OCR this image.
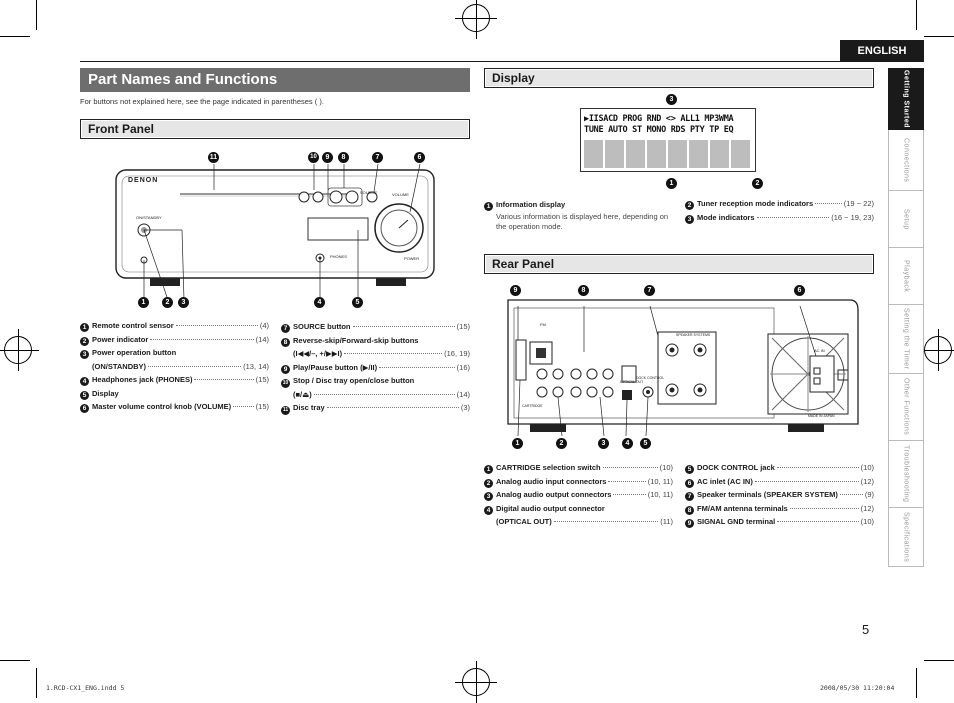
ENGLISH
Part Names and Functions
For buttons not explained here, see the page indicated in parentheses ( ).
Front Panel
DENON
VOLUME
SOURCE
ON/STANDBY
PHONES	POWER
11	10	9	8	7	6
1	2	3	4	5
1 Remote control sensor	(4)
2 Power indicator	(14)
3 Power operation button
(ON/STANDBY)	(13, 14)
4 Headphones jack (PHONES)	(15)
5 Display
6 Master volume control knob (VOLUME)	(15)
7 SOURCE button	(15)
8 Reverse-skip/Forward-skip buttons
(I◀◀/–, +/▶▶I)	(16, 19)
9 Play/Pause button (▶/II)	(16)
10 Stop / Disc tray open/close button
(■/⏏)	(14)
11 Disc tray	(3)
Display
3
▶IISACD PROG RND <> ALL1 MP3WMA
TUNE AUTO ST MONO RDS PTY TP EQ
1	2
1 Information display
Various information is displayed here, depending on the operation mode.
2 Tuner reception mode indicators	(19 ~ 22)
3 Mode indicators	(16 ~ 19, 23)
Rear Panel
9	8	7	6
SPEAKER SYSTEMS
AC IN
MADE IN JAPAN
DOCK CONTROL
OPTICAL OUT
FM
CARTRIDGE
1	2	3	4	5
1 CARTRIDGE selection switch	(10)
2 Analog audio input connectors	(10, 11)
3 Analog audio output connectors	(10, 11)
4 Digital audio output connector
(OPTICAL OUT)	(11)
5 DOCK CONTROL jack	(10)
6 AC inlet (AC IN)	(12)
7 Speaker terminals (SPEAKER SYSTEM)	(9)
8 FM/AM antenna terminals	(12)
9 SIGNAL GND terminal	(10)
Getting Started
Connections
Setup
Playback
Setting the Timer
Other Functions
Troubleshooting
Specifications
5
1.RCD-CX1_ENG.indd 5	2008/05/30 11:20:04
